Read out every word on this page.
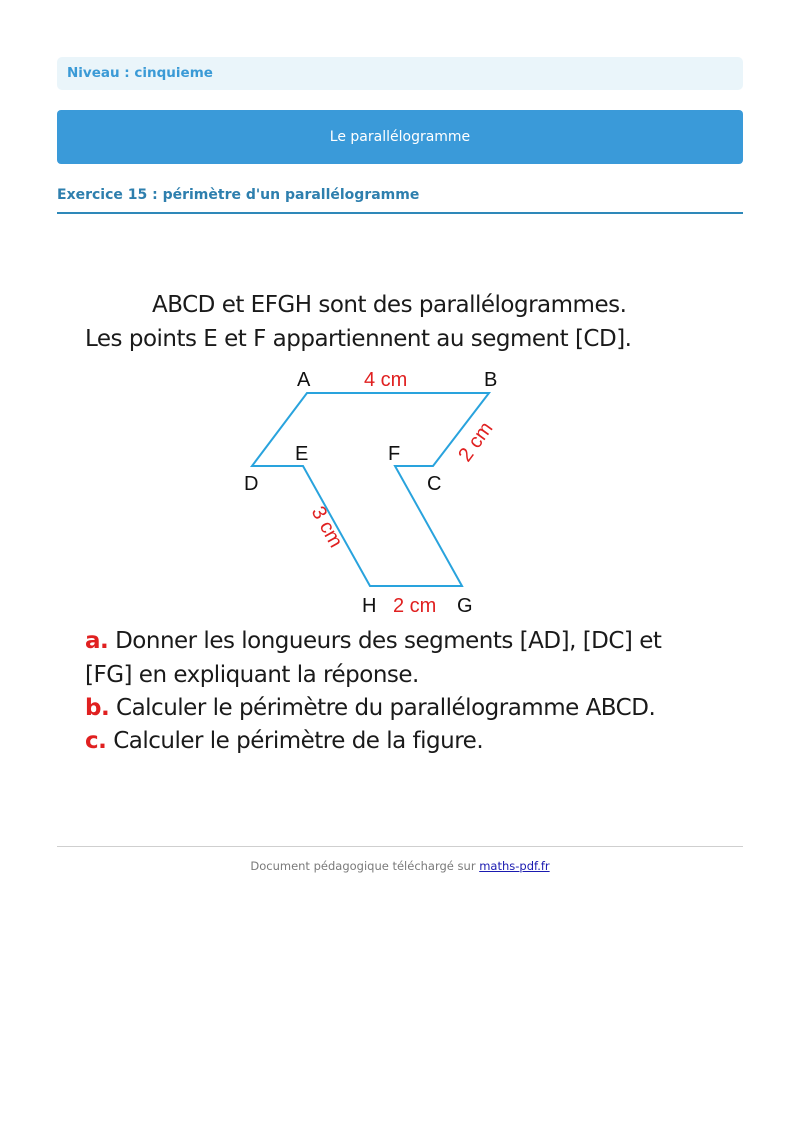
Niveau : cinquieme
Le parallélogramme
Exercice 15 : périmètre d'un parallélogramme
ABCD et EFGH sont des parallélogrammes.
Les points E et F appartiennent au segment [CD].
A	B
C
D
E	F
G
H
4 cm
2 cm
3 cm
2 cm
a. Donner les longueurs des segments [AD], [DC] et
[FG] en expliquant la réponse.
b. Calculer le périmètre du parallélogramme ABCD.
c. Calculer le périmètre de la figure.
Document pédagogique téléchargé sur maths-pdf.fr
